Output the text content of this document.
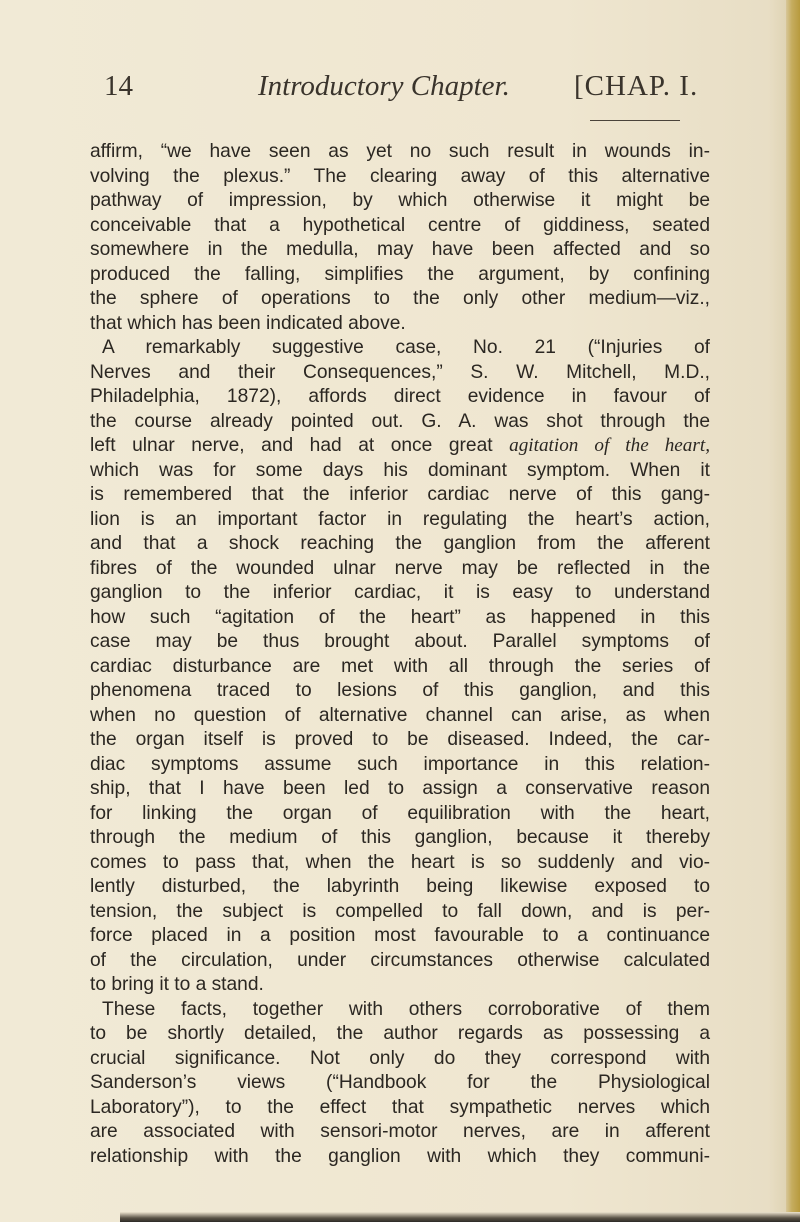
14	Introductory Chapter. [CHAP. I.
affirm, “we have seen as yet no such result in wounds in-
volving the plexus.” The clearing away of this alternative
pathway of impression, by which otherwise it might be
conceivable that a hypothetical centre of giddiness, seated
somewhere in the medulla, may have been affected and so
produced the falling, simplifies the argument, by confining
the sphere of operations to the only other medium—viz.,
that which has been indicated above.
A remarkably suggestive case, No. 21 (“Injuries of
Nerves and their Consequences,” S. W. Mitchell, M.D.,
Philadelphia, 1872), affords direct evidence in favour of
the course already pointed out. G. A. was shot through the
left ulnar nerve, and had at once great agitation of the heart,
which was for some days his dominant symptom. When it
is remembered that the inferior cardiac nerve of this gang-
lion is an important factor in regulating the heart’s action,
and that a shock reaching the ganglion from the afferent
fibres of the wounded ulnar nerve may be reflected in the
ganglion to the inferior cardiac, it is easy to understand
how such “agitation of the heart” as happened in this
case may be thus brought about. Parallel symptoms of
cardiac disturbance are met with all through the series of
phenomena traced to lesions of this ganglion, and this
when no question of alternative channel can arise, as when
the organ itself is proved to be diseased. Indeed, the car-
diac symptoms assume such importance in this relation-
ship, that I have been led to assign a conservative reason
for linking the organ of equilibration with the heart,
through the medium of this ganglion, because it thereby
comes to pass that, when the heart is so suddenly and vio-
lently disturbed, the labyrinth being likewise exposed to
tension, the subject is compelled to fall down, and is per-
force placed in a position most favourable to a continuance
of the circulation, under circumstances otherwise calculated
to bring it to a stand.
These facts, together with others corroborative of them
to be shortly detailed, the author regards as possessing a
crucial significance. Not only do they correspond with
Sanderson’s views (“Handbook for the Physiological
Laboratory”), to the effect that sympathetic nerves which
are associated with sensori-motor nerves, are in afferent
relationship with the ganglion with which they communi-
